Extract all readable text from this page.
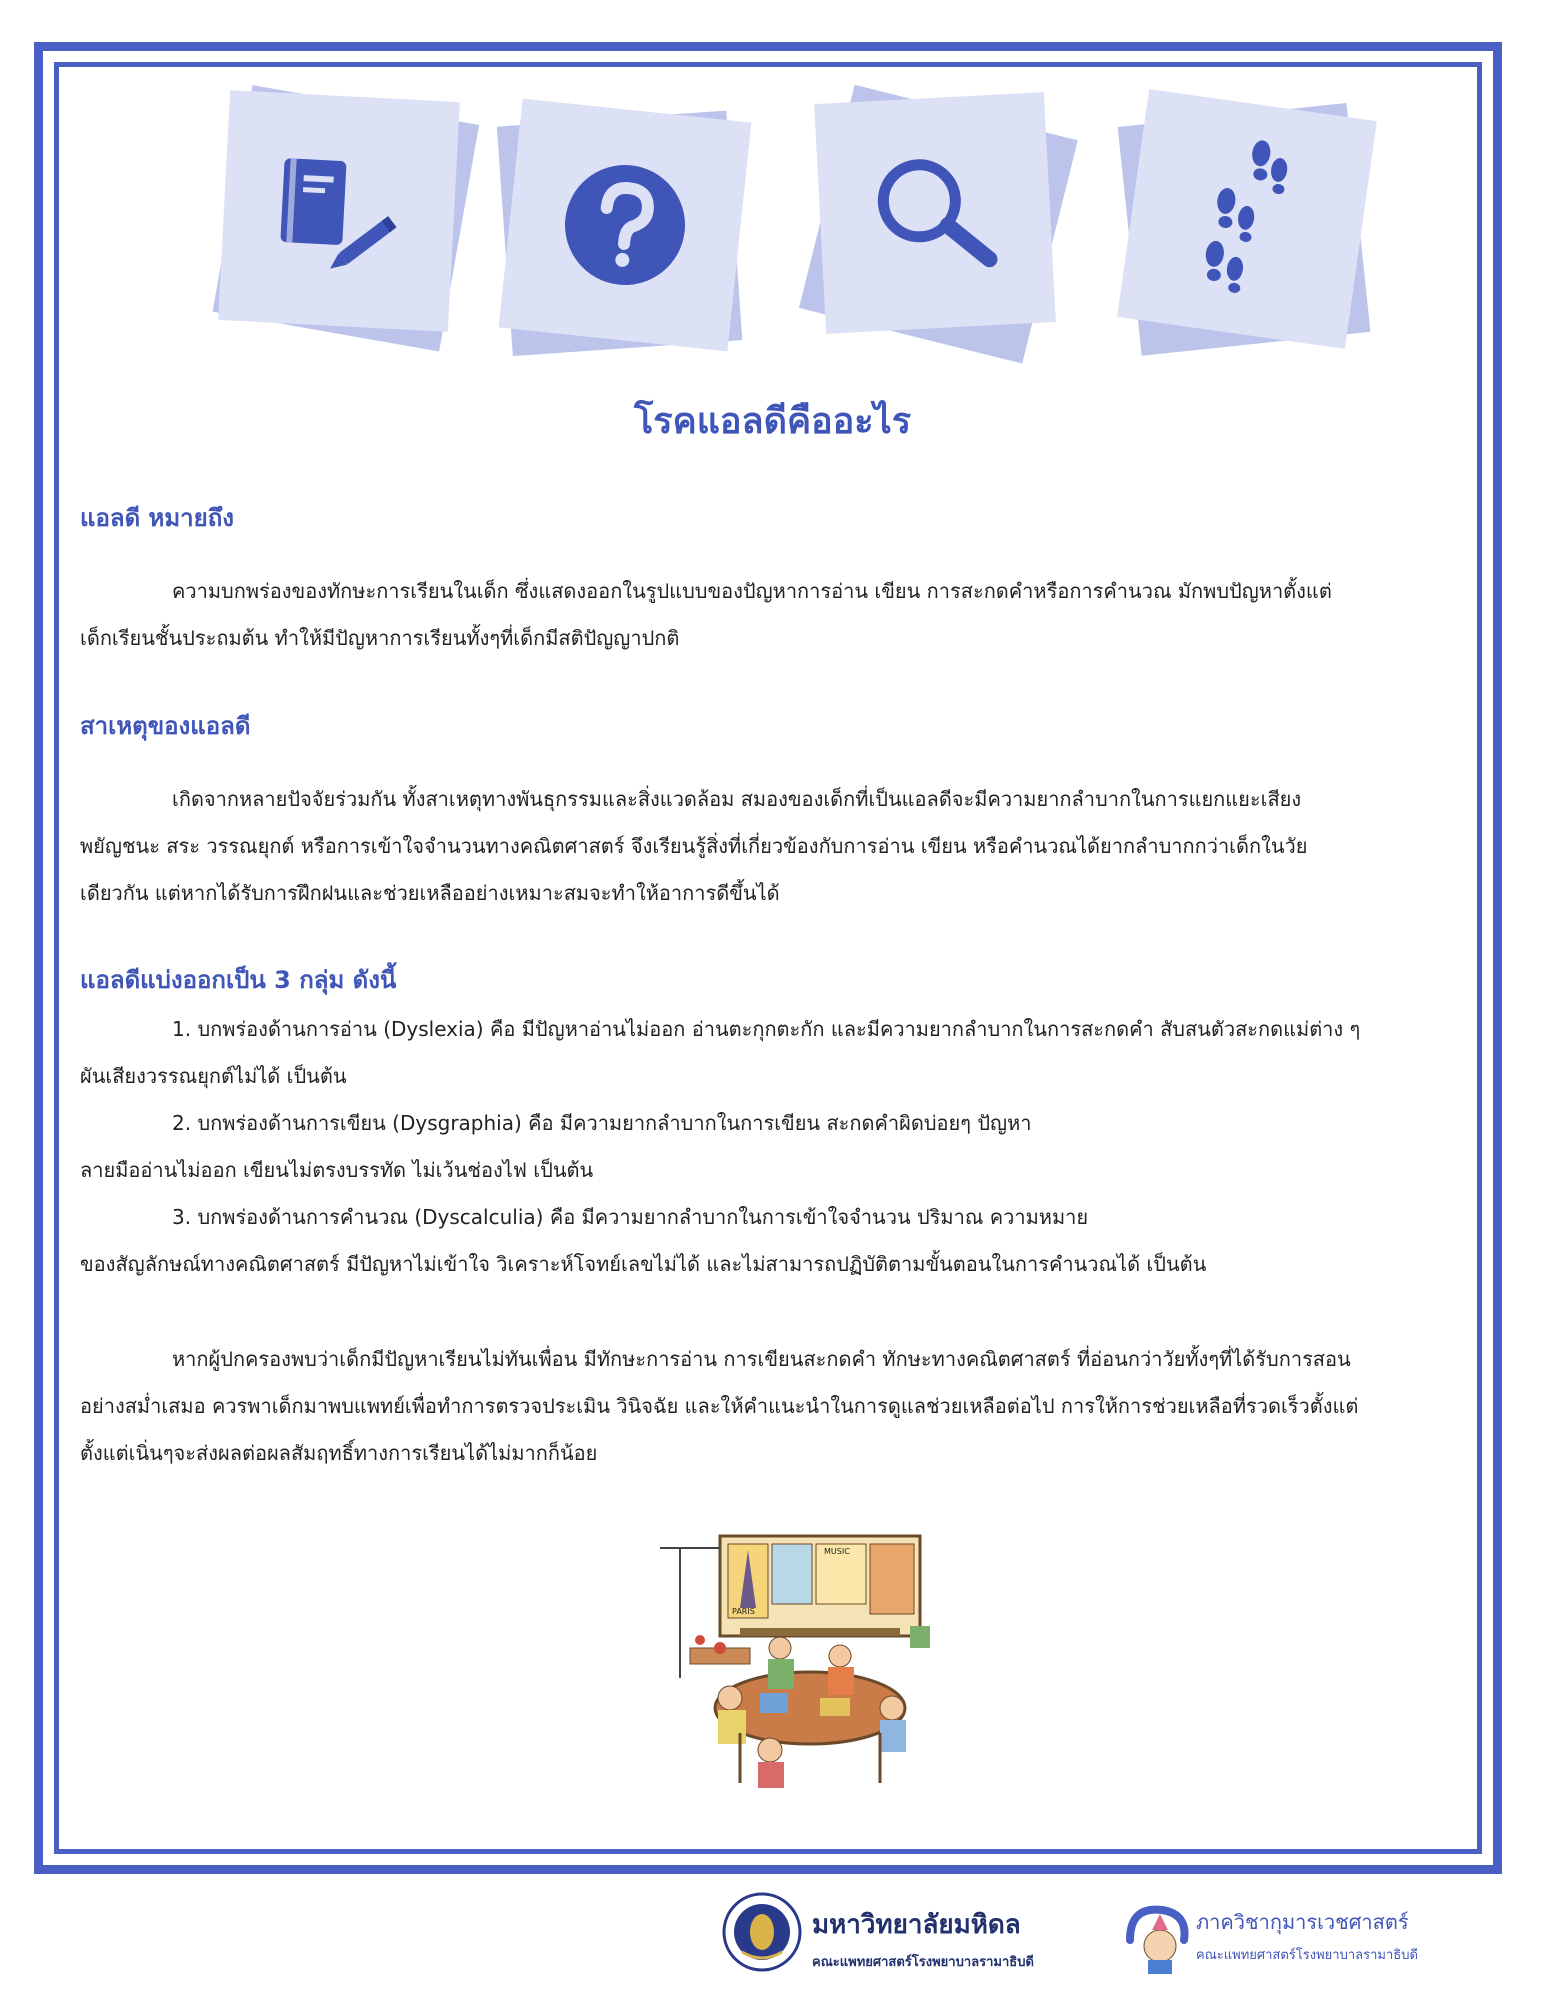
โรคแอลดีคืออะไร
แอลดี หมายถึง
ความบกพร่องของทักษะการเรียนในเด็ก ซึ่งแสดงออกในรูปแบบของปัญหาการอ่าน เขียน การสะกดคำหรือการคำนวณ มักพบปัญหาตั้งแต่
เด็กเรียนชั้นประถมต้น ทำให้มีปัญหาการเรียนทั้งๆที่เด็กมีสติปัญญาปกติ
สาเหตุของแอลดี
เกิดจากหลายปัจจัยร่วมกัน ทั้งสาเหตุทางพันธุกรรมและสิ่งแวดล้อม สมองของเด็กที่เป็นแอลดีจะมีความยากลำบากในการแยกแยะเสียง
พยัญชนะ สระ วรรณยุกต์ หรือการเข้าใจจำนวนทางคณิตศาสตร์ จึงเรียนรู้สิ่งที่เกี่ยวข้องกับการอ่าน เขียน หรือคำนวณได้ยากลำบากกว่าเด็กในวัย
เดียวกัน แต่หากได้รับการฝึกฝนและช่วยเหลืออย่างเหมาะสมจะทำให้อาการดีขึ้นได้
แอลดีแบ่งออกเป็น 3 กลุ่ม ดังนี้
1. บกพร่องด้านการอ่าน (Dyslexia) คือ มีปัญหาอ่านไม่ออก อ่านตะกุกตะกัก และมีความยากลำบากในการสะกดคำ สับสนตัวสะกดแม่ต่าง ๆ
ผันเสียงวรรณยุกต์ไม่ได้ เป็นต้น
2. บกพร่องด้านการเขียน (Dysgraphia) คือ มีความยากลำบากในการเขียน สะกดคำผิดบ่อยๆ ปัญหา
ลายมืออ่านไม่ออก เขียนไม่ตรงบรรทัด ไม่เว้นช่องไฟ เป็นต้น
3. บกพร่องด้านการคำนวณ (Dyscalculia) คือ มีความยากลำบากในการเข้าใจจำนวน ปริมาณ ความหมาย
ของสัญลักษณ์ทางคณิตศาสตร์ มีปัญหาไม่เข้าใจ วิเคราะห์โจทย์เลขไม่ได้ และไม่สามารถปฏิบัติตามขั้นตอนในการคำนวณได้ เป็นต้น
หากผู้ปกครองพบว่าเด็กมีปัญหาเรียนไม่ทันเพื่อน มีทักษะการอ่าน การเขียนสะกดคำ ทักษะทางคณิตศาสตร์ ที่อ่อนกว่าวัยทั้งๆที่ได้รับการสอน
อย่างสม่ำเสมอ ควรพาเด็กมาพบแพทย์เพื่อทำการตรวจประเมิน วินิจฉัย และให้คำแนะนำในการดูแลช่วยเหลือต่อไป การให้การช่วยเหลือที่รวดเร็วตั้งแต่
ตั้งแต่เนิ่นๆจะส่งผลต่อผลสัมฤทธิ์ทางการเรียนได้ไม่มากก็น้อย
PARIS
MUSIC
มหาวิทยาลัยมหิดล
คณะแพทยศาสตร์โรงพยาบาลรามาธิบดี
ภาควิชากุมารเวชศาสตร์
คณะแพทยศาสตร์โรงพยาบาลรามาธิบดี
